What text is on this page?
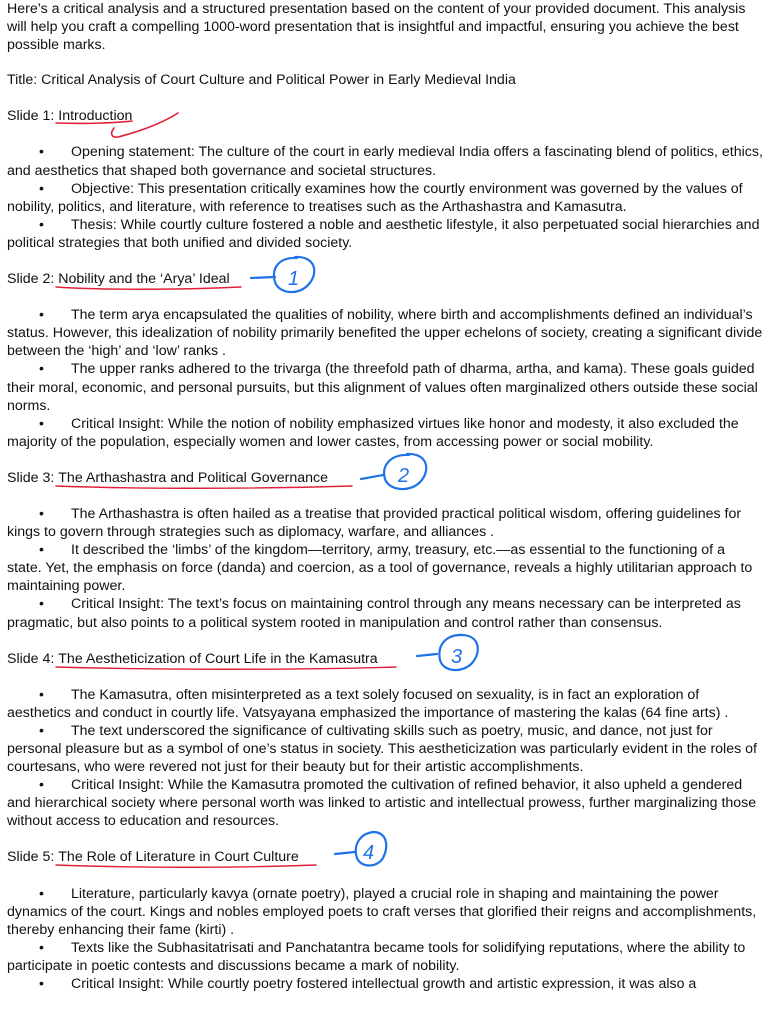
Here’s a critical analysis and a structured presentation based on the content of your provided document. This analysis will help you craft a compelling 1000-word presentation that is insightful and impactful, ensuring you achieve the best possible marks.
Title: Critical Analysis of Court Culture and Political Power in Early Medieval India
Slide 1: Introduction
• Opening statement: The culture of the court in early medieval India offers a fascinating blend of politics, ethics, and aesthetics that shaped both governance and societal structures.
• Objective: This presentation critically examines how the courtly environment was governed by the values of nobility, politics, and literature, with reference to treatises such as the Arthashastra and Kamasutra.
• Thesis: While courtly culture fostered a noble and aesthetic lifestyle, it also perpetuated social hierarchies and political strategies that both unified and divided society.
Slide 2: Nobility and the ‘Arya’ Ideal	1
• The term arya encapsulated the qualities of nobility, where birth and accomplishments defined an individual’s status. However, this idealization of nobility primarily benefited the upper echelons of society, creating a significant divide between the ‘high’ and ‘low’ ranks .
• The upper ranks adhered to the trivarga (the threefold path of dharma, artha, and kama). These goals guided their moral, economic, and personal pursuits, but this alignment of values often marginalized others outside these social norms.
• Critical Insight: While the notion of nobility emphasized virtues like honor and modesty, it also excluded the majority of the population, especially women and lower castes, from accessing power or social mobility.
Slide 3: The Arthashastra and Political Governance	2
• The Arthashastra is often hailed as a treatise that provided practical political wisdom, offering guidelines for kings to govern through strategies such as diplomacy, warfare, and alliances .
• It described the ‘limbs’ of the kingdom—territory, army, treasury, etc.—as essential to the functioning of a state. Yet, the emphasis on force (danda) and coercion, as a tool of governance, reveals a highly utilitarian approach to maintaining power.
• Critical Insight: The text’s focus on maintaining control through any means necessary can be interpreted as pragmatic, but also points to a political system rooted in manipulation and control rather than consensus.
Slide 4: The Aestheticization of Court Life in the Kamasutra	3
• The Kamasutra, often misinterpreted as a text solely focused on sexuality, is in fact an exploration of aesthetics and conduct in courtly life. Vatsyayana emphasized the importance of mastering the kalas (64 fine arts) .
• The text underscored the significance of cultivating skills such as poetry, music, and dance, not just for personal pleasure but as a symbol of one’s status in society. This aestheticization was particularly evident in the roles of courtesans, who were revered not just for their beauty but for their artistic accomplishments.
• Critical Insight: While the Kamasutra promoted the cultivation of refined behavior, it also upheld a gendered and hierarchical society where personal worth was linked to artistic and intellectual prowess, further marginalizing those without access to education and resources.
Slide 5: The Role of Literature in Court Culture	4
• Literature, particularly kavya (ornate poetry), played a crucial role in shaping and maintaining the power dynamics of the court. Kings and nobles employed poets to craft verses that glorified their reigns and accomplishments, thereby enhancing their fame (kirti) .
• Texts like the Subhasitatrisati and Panchatantra became tools for solidifying reputations, where the ability to participate in poetic contests and discussions became a mark of nobility.
• Critical Insight: While courtly poetry fostered intellectual growth and artistic expression, it was also a
